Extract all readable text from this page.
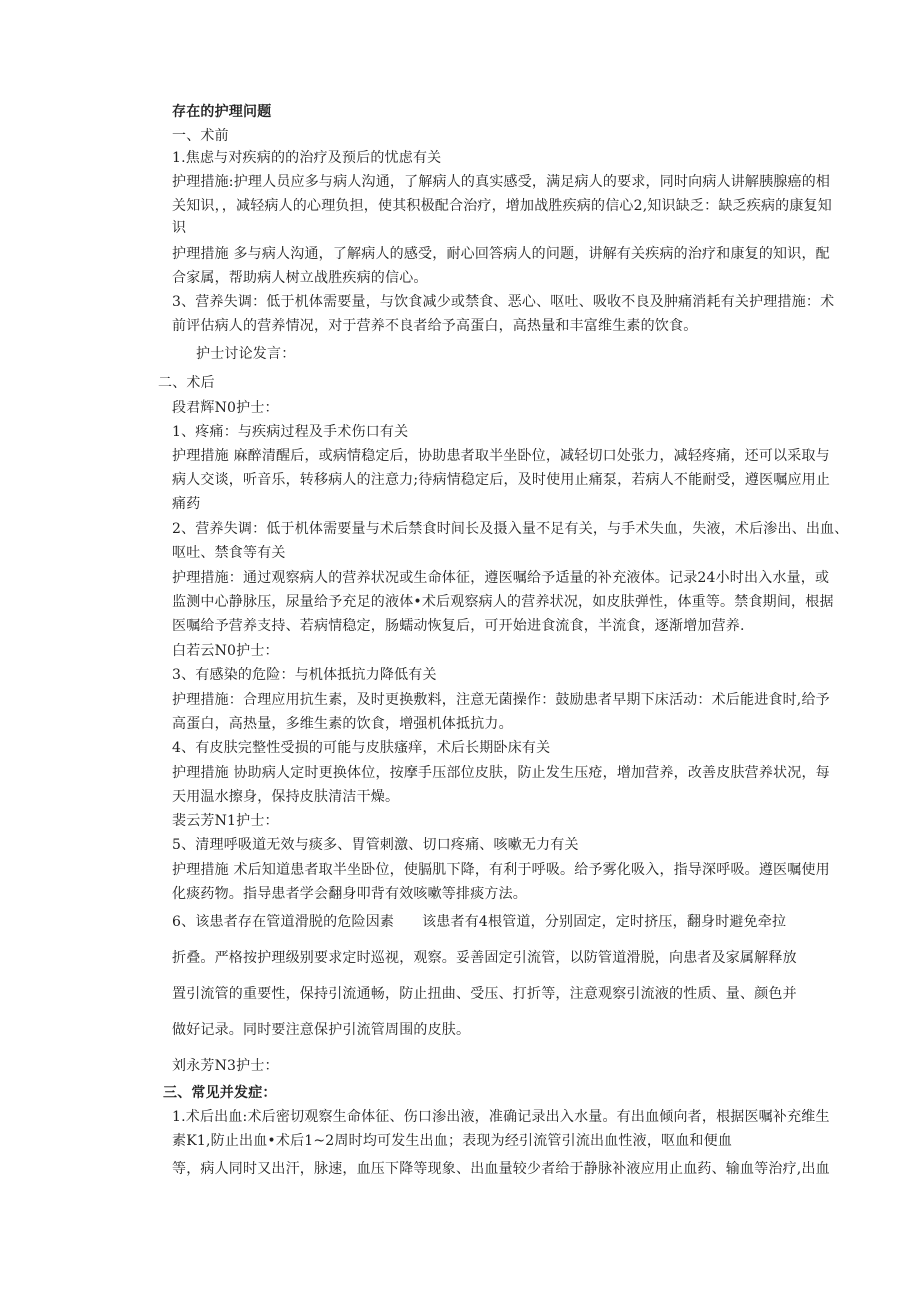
存在的护理问题

一、术前

1.焦虑与对疾病的的治疗及预后的忧虑有关

护理措施:护理人员应多与病人沟通，了解病人的真实感受，满足病人的要求，同时向病人讲解胰腺癌的相

关知识，，减轻病人的心理负担，使其积极配合治疗，增加战胜疾病的信心2,知识缺乏：缺乏疾病的康复知

识

护理措施 多与病人沟通，了解病人的感受，耐心回答病人的问题，讲解有关疾病的治疗和康复的知识，配

合家属，帮助病人树立战胜疾病的信心。

3、营养失调：低于机体需要量，与饮食减少或禁食、恶心、呕吐、吸收不良及肿痛消耗有关护理措施：术

前评估病人的营养情况，对于营养不良者给予高蛋白，高热量和丰富维生素的饮食。

护士讨论发言：

二、术后

段君辉N0护士：

1、疼痛：与疾病过程及手术伤口有关

护理措施 麻醉清醒后，或病情稳定后，协助患者取半坐卧位，减轻切口处张力，减轻疼痛，还可以采取与

病人交谈，听音乐，转移病人的注意力;待病情稳定后，及时使用止痛泵，若病人不能耐受，遵医嘱应用止

痛药

2、营养失调：低于机体需要量与术后禁食时间长及摄入量不足有关，与手术失血，失液，术后渗出、出血、

呕吐、禁食等有关

护理措施：通过观察病人的营养状况或生命体征，遵医嘱给予适量的补充液体。记录24小时出入水量，或

监测中心静脉压，尿量给予充足的液体•术后观察病人的营养状况，如皮肤弹性，体重等。禁食期间，根据

医嘱给予营养支持、若病情稳定，肠蠕动恢复后，可开始进食流食，半流食，逐渐增加营养.

白若云N0护士：

3、有感染的危险：与机体抵抗力降低有关

护理措施：合理应用抗生素，及时更换敷料，注意无菌操作：鼓励患者早期下床活动：术后能进食时,给予

高蛋白，高热量，多维生素的饮食，增强机体抵抗力。

4、有皮肤完整性受损的可能与皮肤瘙痒，术后长期卧床有关

护理措施 协助病人定时更换体位，按摩手压部位皮肤，防止发生压疮，增加营养，改善皮肤营养状况，每

天用温水擦身，保持皮肤清洁干燥。

裴云芳N1护士：

5、清理呼吸道无效与痰多、胃管刺激、切口疼痛、咳嗽无力有关

护理措施 术后知道患者取半坐卧位，使膈肌下降，有利于呼吸。给予雾化吸入，指导深呼吸。遵医嘱使用

化痰药物。指导患者学会翻身叩背有效咳嗽等排痰方法。

6、该患者存在管道滑脱的危险因素 该患者有4根管道，分别固定，定时挤压，翻身时避免牵拉

折叠。严格按护理级别要求定时巡视，观察。妥善固定引流管，以防管道滑脱，向患者及家属解释放

置引流管的重要性，保持引流通畅，防止扭曲、受压、打折等，注意观察引流液的性质、量、颜色并

做好记录。同时要注意保护引流管周围的皮肤。

刘永芳N3护士：

三、常见并发症：

1.术后出血:术后密切观察生命体征、伤口渗出液，准确记录出入水量。有出血倾向者，根据医嘱补充维生

素K1,防止出血•术后1~2周时均可发生出血；表现为经引流管引流出血性液，呕血和便血

等，病人同时又出汗，脉速，血压下降等现象、出血量较少者给于静脉补液应用止血药、输血等治疗,出血
